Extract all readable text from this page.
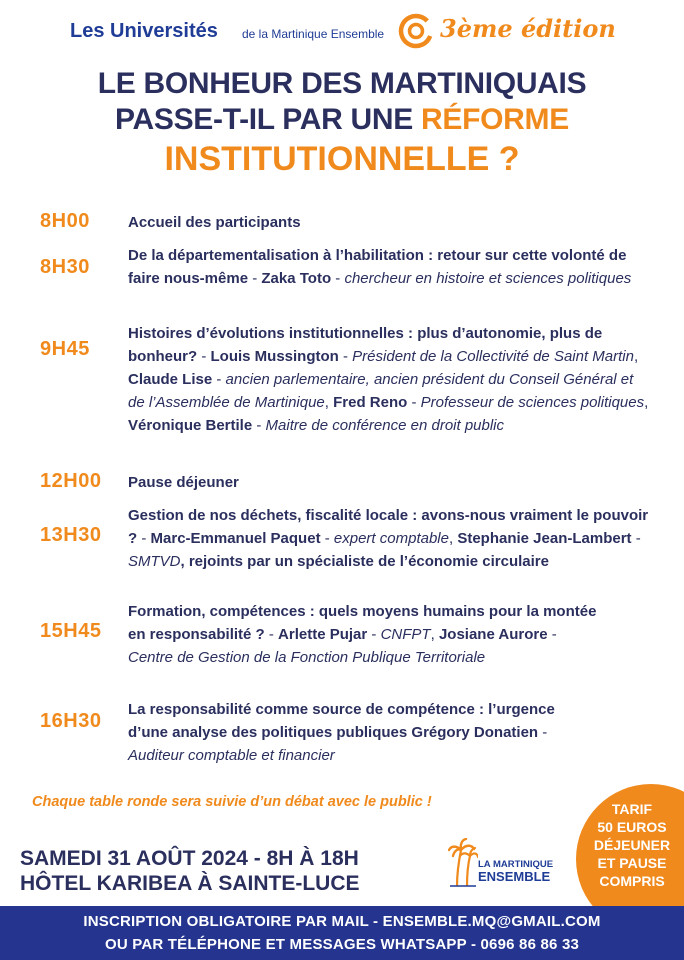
Les Universités de la Martinique Ensemble 3ème édition
LE BONHEUR DES MARTINIQUAIS
PASSE-T-IL PAR UNE RÉFORME
INSTITUTIONNELLE ?
8H00	Accueil des participants
8H30
De la départementalisation à l’habilitation : retour sur cette volonté de faire nous-même - Zaka Toto - chercheur en histoire et sciences politiques
9H45
Histoires d’évolutions institutionnelles : plus d’autonomie, plus de bonheur? - Louis Mussington - Président de la Collectivité de Saint Martin, Claude Lise - ancien parlementaire, ancien président du Conseil Général et de l’Assemblée de Martinique, Fred Reno - Professeur de sciences politiques, Véronique Bertile - Maitre de conférence en droit public
12H00 Pause déjeuner
13H30
Gestion de nos déchets, fiscalité locale : avons-nous vraiment le pouvoir ? - Marc-Emmanuel Paquet - expert comptable, Stephanie Jean-Lambert - SMTVD, rejoints par un spécialiste de l’économie circulaire
15H45
Formation, compétences : quels moyens humains pour la montée en responsabilité ? - Arlette Pujar - CNFPT, Josiane Aurore - Centre de Gestion de la Fonction Publique Territoriale
16H30
La responsabilité comme source de compétence : l’urgence d’une analyse des politiques publiques Grégory Donatien - Auditeur comptable et financier
Chaque table ronde sera suivie d’un débat avec le public !
SAMEDI 31 AOÛT 2024 - 8H À 18H
HÔTEL KARIBEA À SAINTE-LUCE
LA MARTINIQUE
ENSEMBLE
TARIF
50 EUROS
DÉJEUNER
ET PAUSE
COMPRIS
INSCRIPTION OBLIGATOIRE PAR MAIL - ENSEMBLE.MQ@GMAIL.COM
OU PAR TÉLÉPHONE ET MESSAGES WHATSAPP - 0696 86 86 33
